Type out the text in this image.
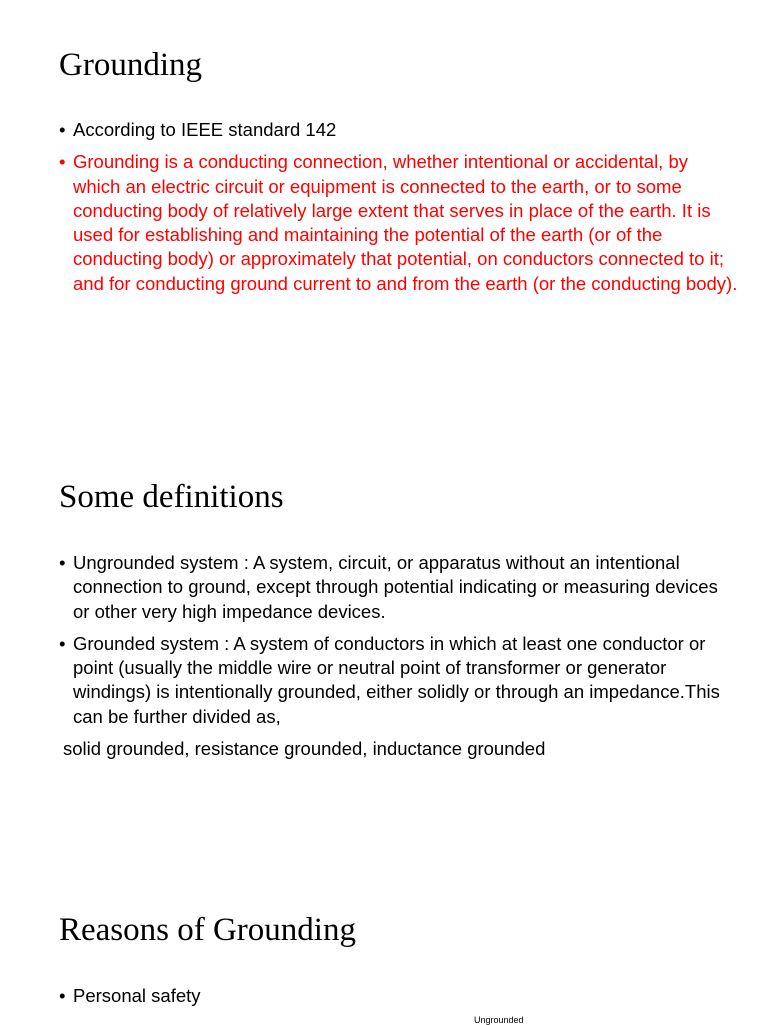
Grounding
• According to IEEE standard 142
• Grounding is a conducting connection, whether intentional or accidental, by which an electric circuit or equipment is connected to the earth, or to some conducting body of relatively large extent that serves in place of the earth. It is used for establishing and maintaining the potential of the earth (or of the conducting body) or approximately that potential, on conductors connected to it; and for conducting ground current to and from the earth (or the conducting body).
Some definitions
• Ungrounded system : A system, circuit, or apparatus without an intentional connection to ground, except through potential indicating or measuring devices or other very high impedance devices.
• Grounded system : A system of conductors in which at least one conductor or point (usually the middle wire or neutral point of transformer or generator windings) is intentionally grounded, either solidly or through an impedance.This can be further divided as,
solid grounded, resistance grounded, inductance grounded
Reasons of Grounding
• Personal safety
Ungrounded
